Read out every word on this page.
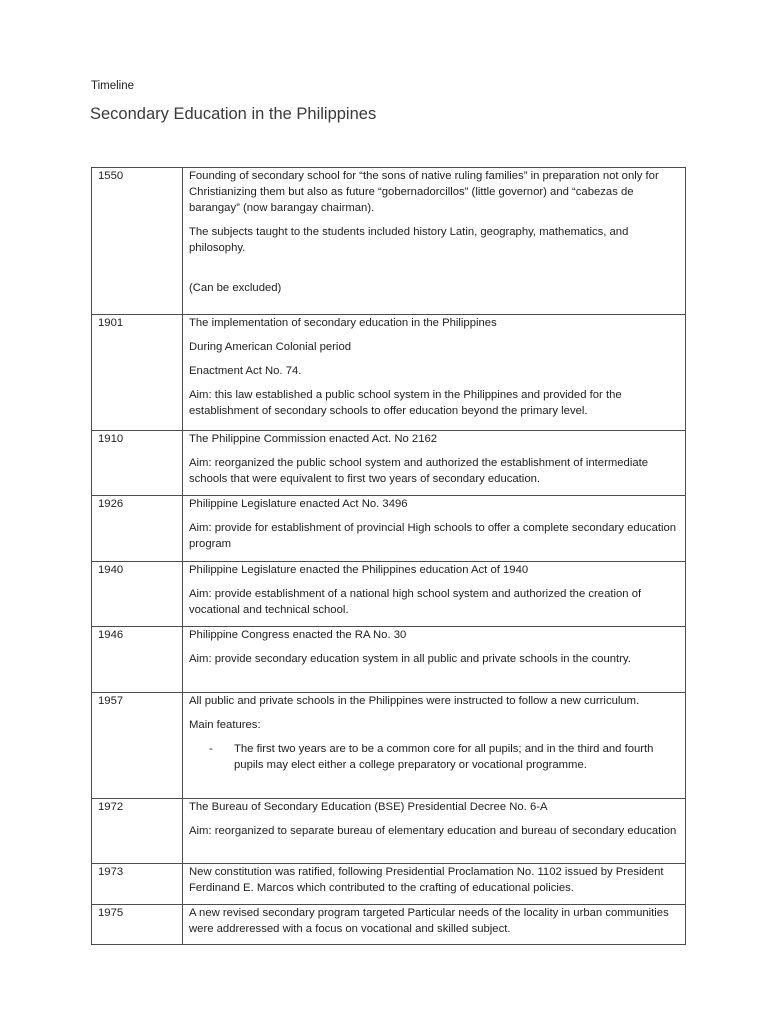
Timeline
Secondary Education in the Philippines
1550	Founding of secondary school for “the sons of native ruling families” in preparation not only for Christianizing them but also as future “gobernadorcillos” (little governor) and “cabezas de barangay” (now barangay chairman).
The subjects taught to the students included history Latin, geography, mathematics, and philosophy.
(Can be excluded)

1901	The implementation of secondary education in the Philippines
During American Colonial period
Enactment Act No. 74.
Aim: this law established a public school system in the Philippines and provided for the establishment of secondary schools to offer education beyond the primary level.

1910	The Philippine Commission enacted Act. No 2162
Aim: reorganized the public school system and authorized the establishment of intermediate schools that were equivalent to first two years of secondary education.

1926	Philippine Legislature enacted Act No. 3496
Aim: provide for establishment of provincial High schools to offer a complete secondary education program

1940	Philippine Legislature enacted the Philippines education Act of 1940
Aim: provide establishment of a national high school system and authorized the creation of vocational and technical school.

1946	Philippine Congress enacted the RA No. 30
Aim: provide secondary education system in all public and private schools in the country.

1957	All public and private schools in the Philippines were instructed to follow a new curriculum.
Main features:
- The first two years are to be a common core for all pupils; and in the third and fourth pupils may elect either a college preparatory or vocational programme.

1972	The Bureau of Secondary Education (BSE) Presidential Decree No. 6-A
Aim: reorganized to separate bureau of elementary education and bureau of secondary education

1973	New constitution was ratified, following Presidential Proclamation No. 1102 issued by President Ferdinand E. Marcos which contributed to the crafting of educational policies.

1975	A new revised secondary program targeted Particular needs of the locality in urban communities were addreressed with a focus on vocational and skilled subject.
